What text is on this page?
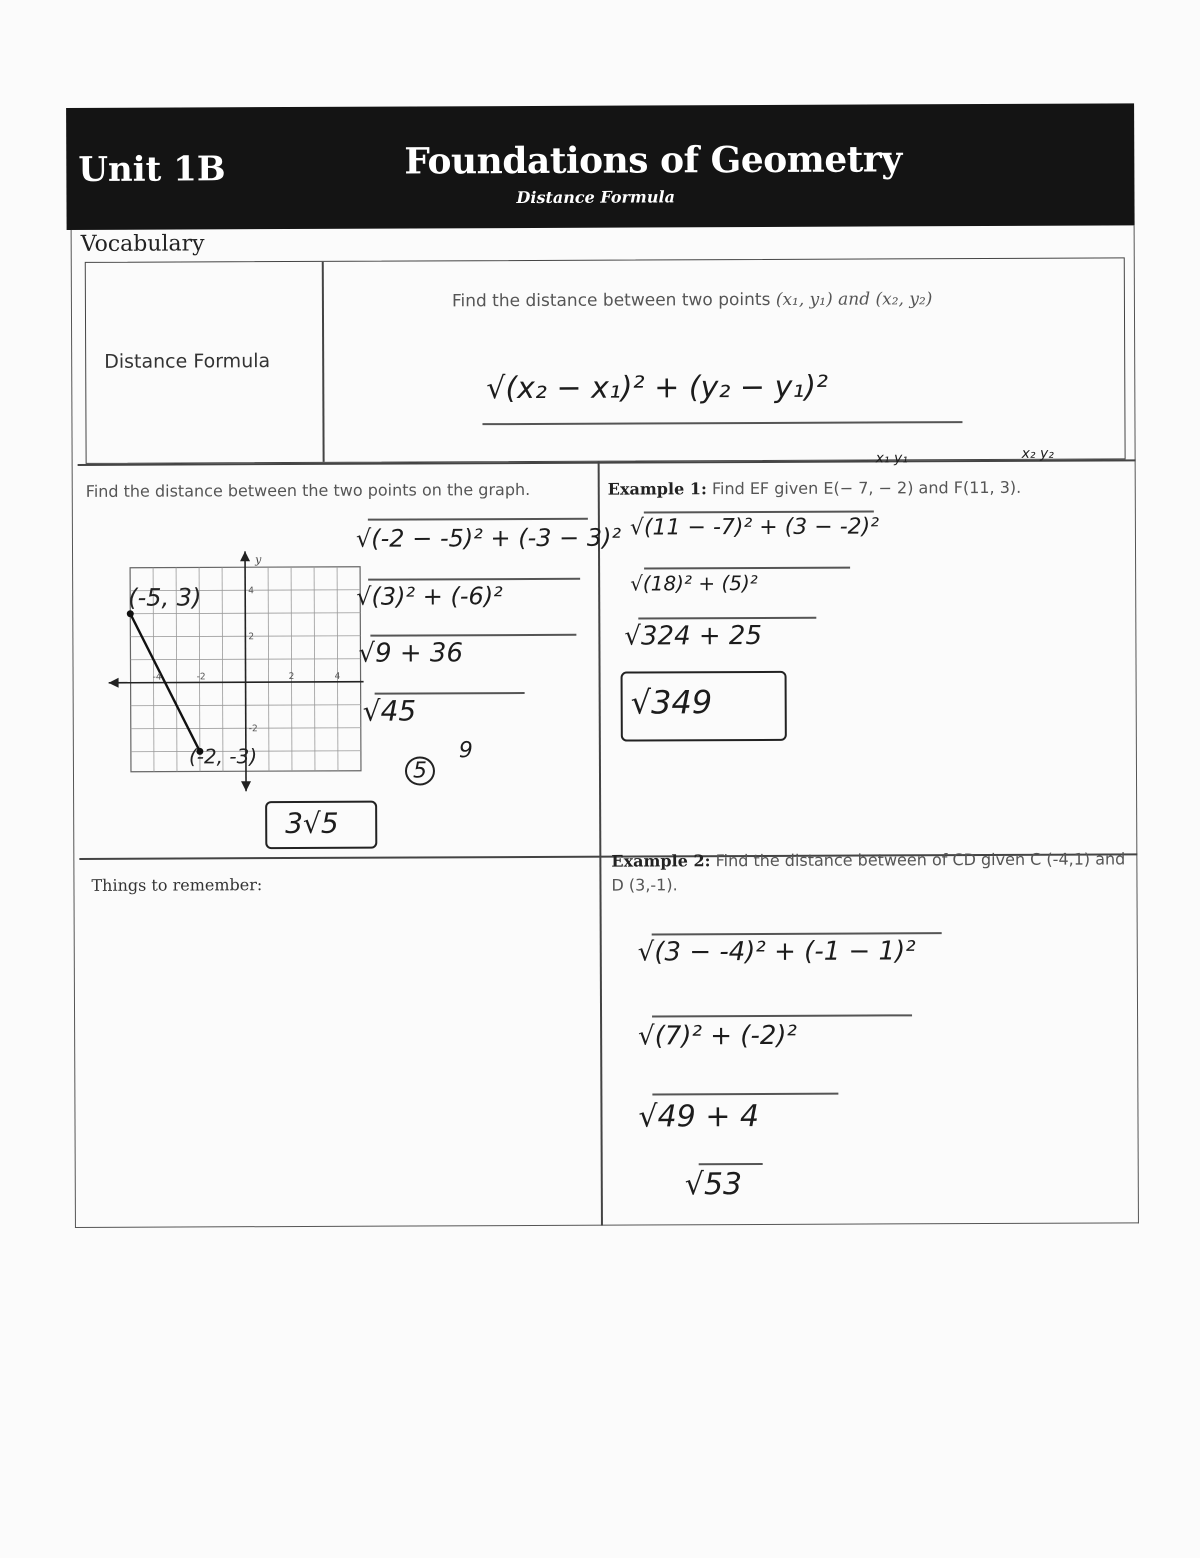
Unit 1B	Foundations of Geometry
Distance Formula
Vocabulary
Distance Formula
Find the distance between two points (x₁, y₁) and (x₂, y₂)
√(x₂ − x₁)² + (y₂ − y₁)²
Find the distance between the two points on the graph.
y
(-5, 3)
(-2, -3)
4
2
-2
2	4
-4	-2
√(-2 − -5)² + (-3 − 3)²
√(3)² + (-6)²
√9 + 36
√45
5
9
3√5
Example 1: Find EF given E(− 7, − 2) and F(11, 3).
x₁ y₁	x₂ y₂
√(11 − -7)² + (3 − -2)²
√(18)² + (5)²
√324 + 25
√349
Things to remember:
Example 2: Find the distance between of CD given C (-4,1) and D (3,-1).
√(3 − -4)² + (-1 − 1)²
√(7)² + (-2)²
√49 + 4
√53
